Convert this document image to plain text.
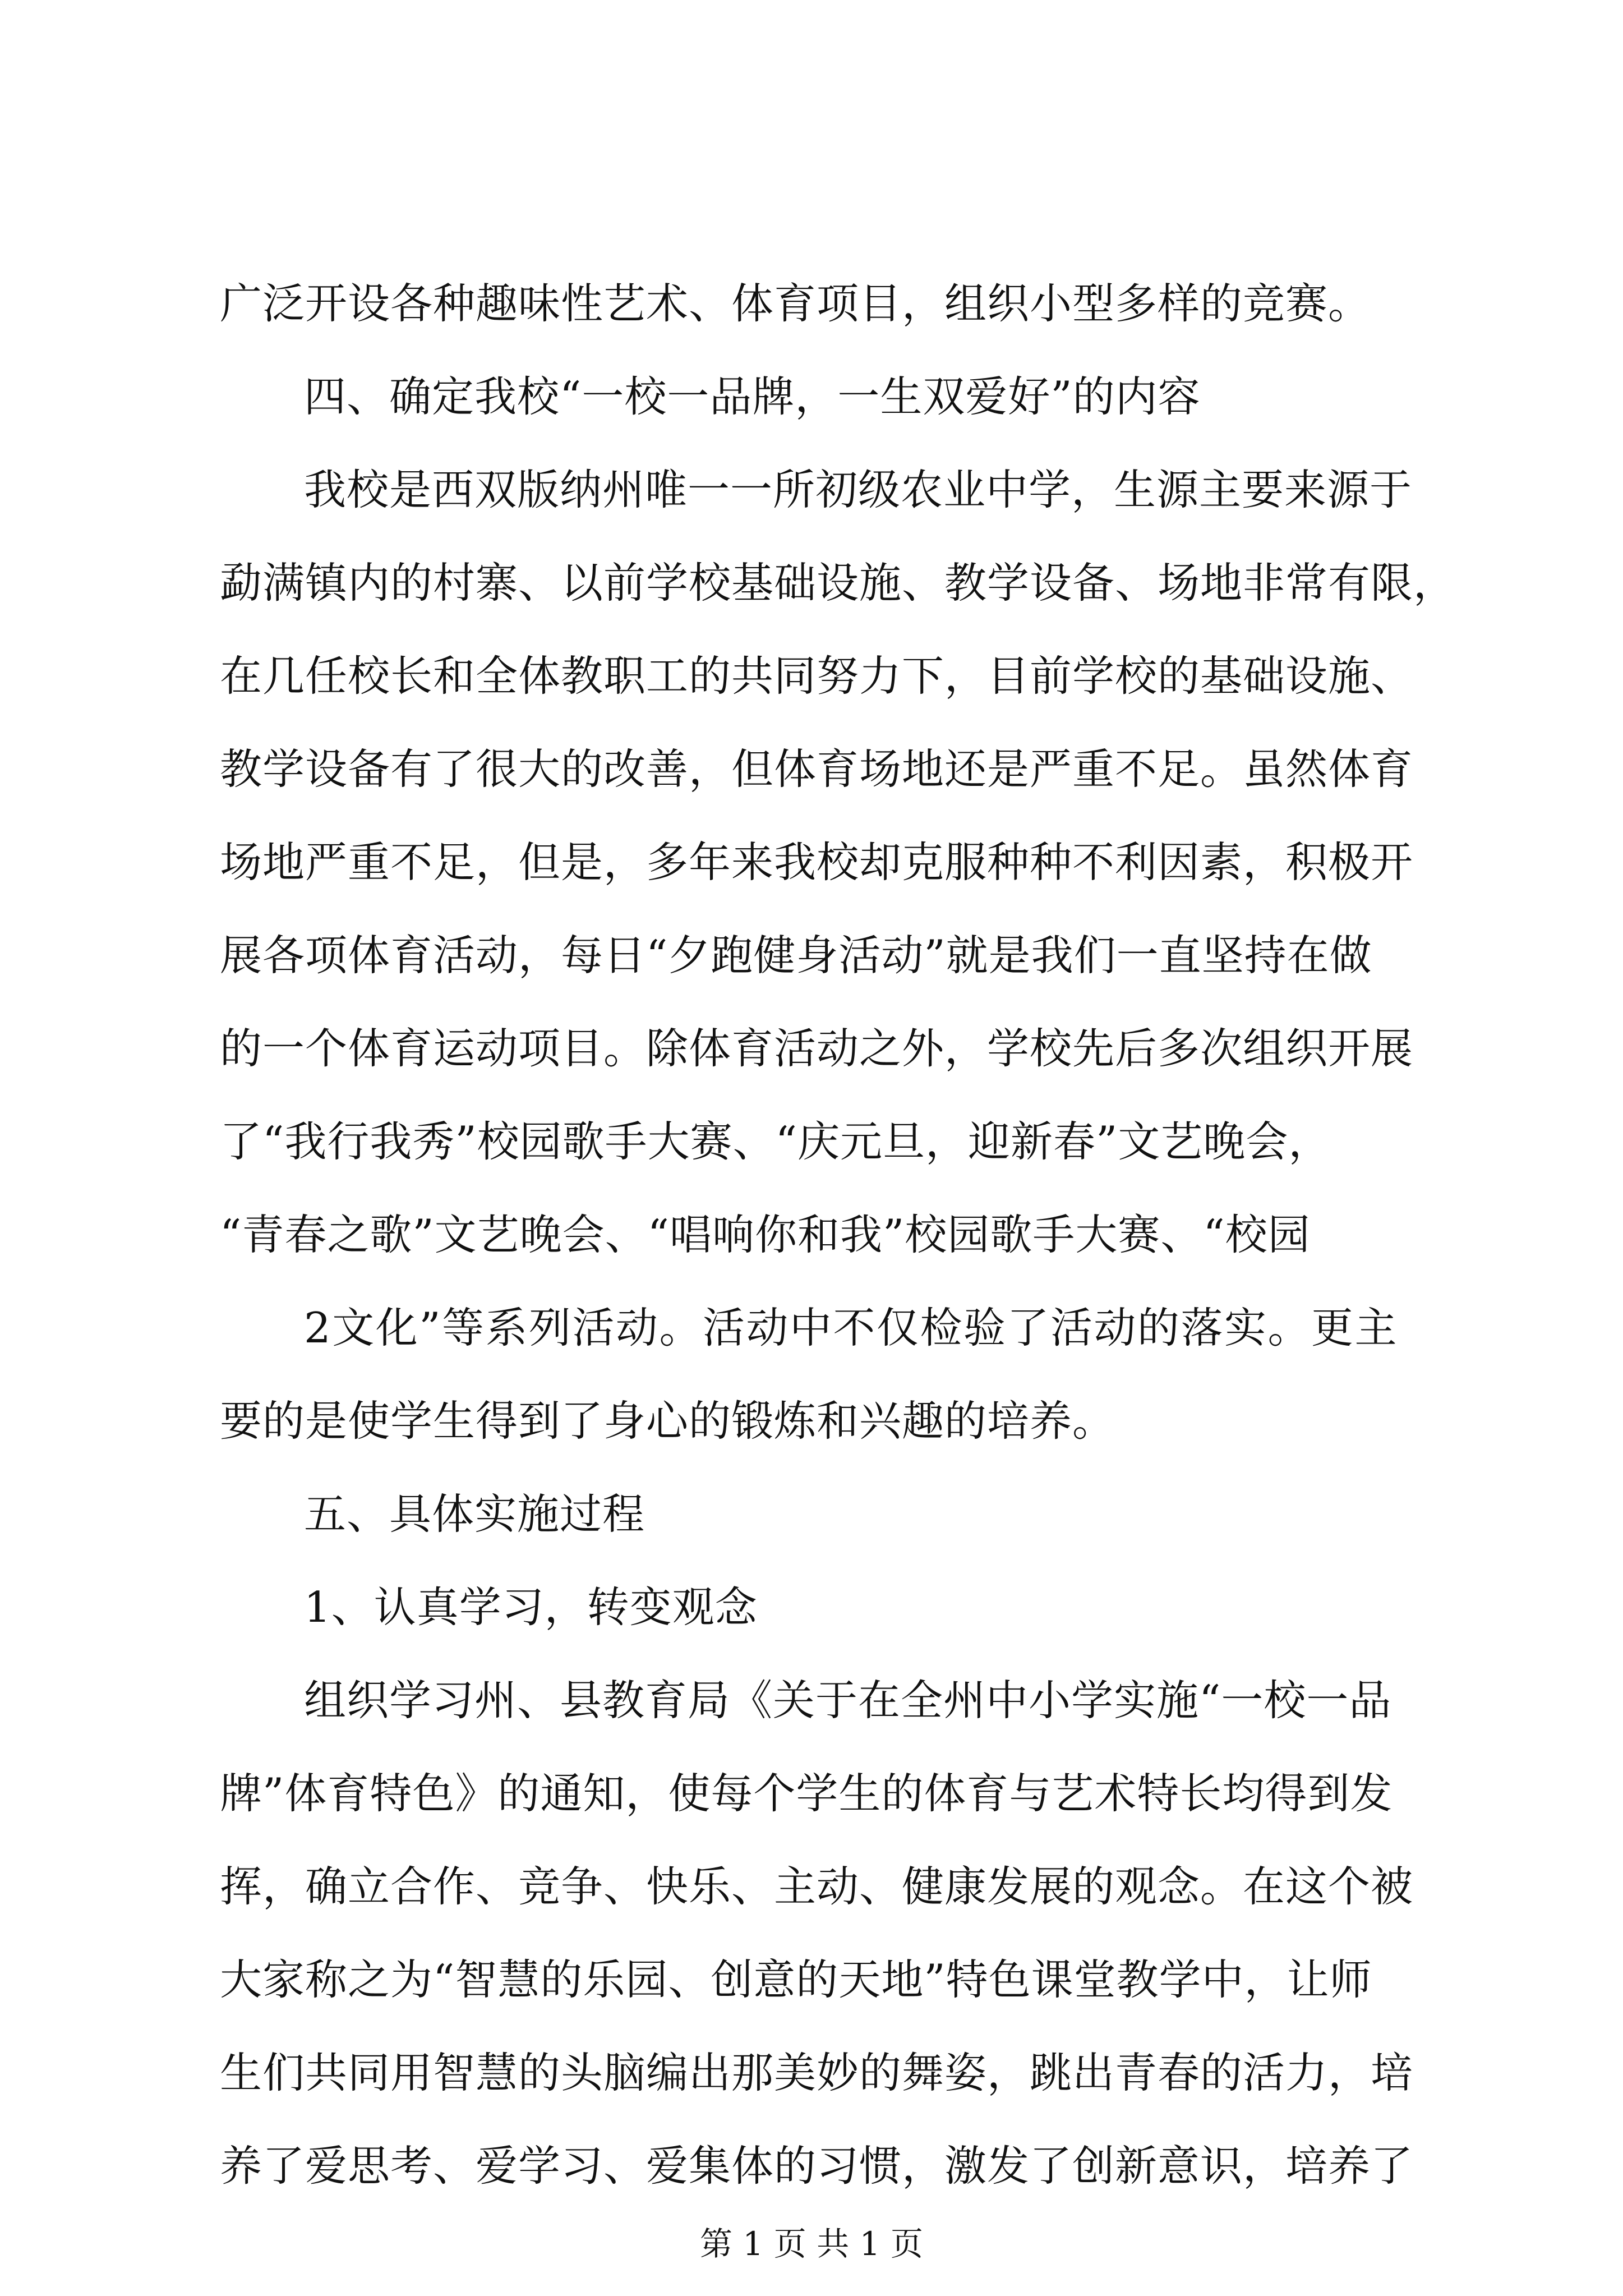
广泛开设各种趣味性艺术、体育项目，组织小型多样的竞赛。
四、确定我校“一校一品牌，一生双爱好”的内容
我校是西双版纳州唯一一所初级农业中学，生源主要来源于
勐满镇内的村寨、以前学校基础设施、教学设备、场地非常有限，
在几任校长和全体教职工的共同努力下，目前学校的基础设施、
教学设备有了很大的改善，但体育场地还是严重不足。虽然体育
场地严重不足，但是，多年来我校却克服种种不利因素，积极开
展各项体育活动，每日“夕跑健身活动”就是我们一直坚持在做
的一个体育运动项目。除体育活动之外，学校先后多次组织开展
了“我行我秀”校园歌手大赛、“庆元旦，迎新春”文艺晚会，
“青春之歌”文艺晚会、“唱响你和我”校园歌手大赛、“校园
2文化”等系列活动。活动中不仅检验了活动的落实。更主
要的是使学生得到了身心的锻炼和兴趣的培养。
五、具体实施过程
1、认真学习，转变观念
组织学习州、县教育局《关于在全州中小学实施“一校一品
牌”体育特色》的通知，使每个学生的体育与艺术特长均得到发
挥，确立合作、竞争、快乐、主动、健康发展的观念。在这个被
大家称之为“智慧的乐园、创意的天地”特色课堂教学中，让师
生们共同用智慧的头脑编出那美妙的舞姿，跳出青春的活力，培
养了爱思考、爱学习、爱集体的习惯，激发了创新意识，培养了
第 1 页 共 1 页
